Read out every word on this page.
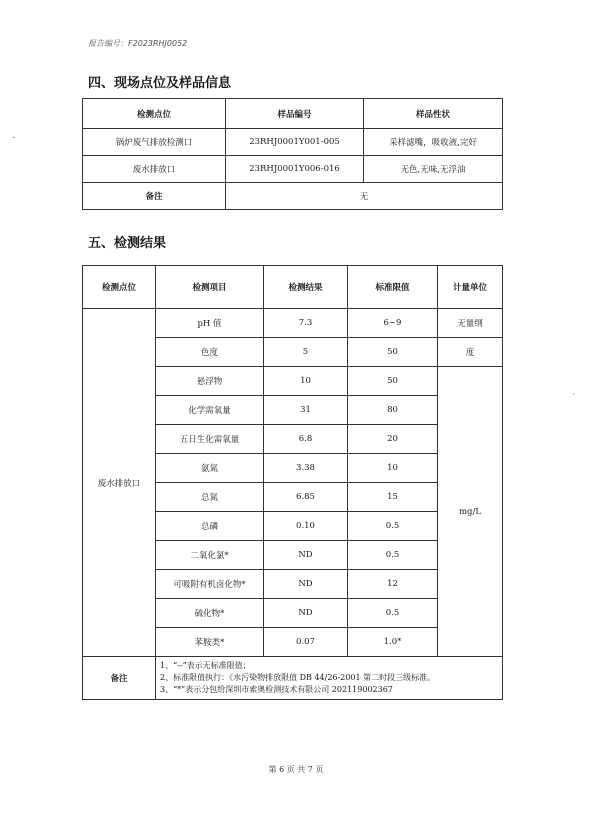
报告编号：F2023RHJ0052
四、现场点位及样品信息
检测点位	样品编号	样品性状
锅炉废气排放检测口	23RHJ0001Y001-005	采样滤嘴，吸收液,完好
废水排放口	23RHJ0001Y006-016	无色,无味,无浮油
备注	无	
五、检测结果
检测点位	检测项目	检测结果	标准限值	计量单位
废水排放口	pH 值	7.3	6~9	无量纲
	色度	5	50	度
	悬浮物	10	50	mg/L
	化学需氧量	31	80	
	五日生化需氧量	6.8	20	
	氨氮	3.38	10	
	总氮	6.85	15	
	总磷	0.10	0.5	
	二氧化氯*	ND	0.5	
	可吸附有机卤化物*	ND	12	
	硫化物*	ND	0.5	
	苯胺类*	0.07	1.0*	
备注	1、“--”表示无标准限值；
2、标准限值执行：《水污染物排放限值 DB 44/26-2001 第二时段三级标准。
3、“*”表示分包给深圳市索奥检测技术有限公司 202119002367			
第 6 页 共 7 页
-
·
